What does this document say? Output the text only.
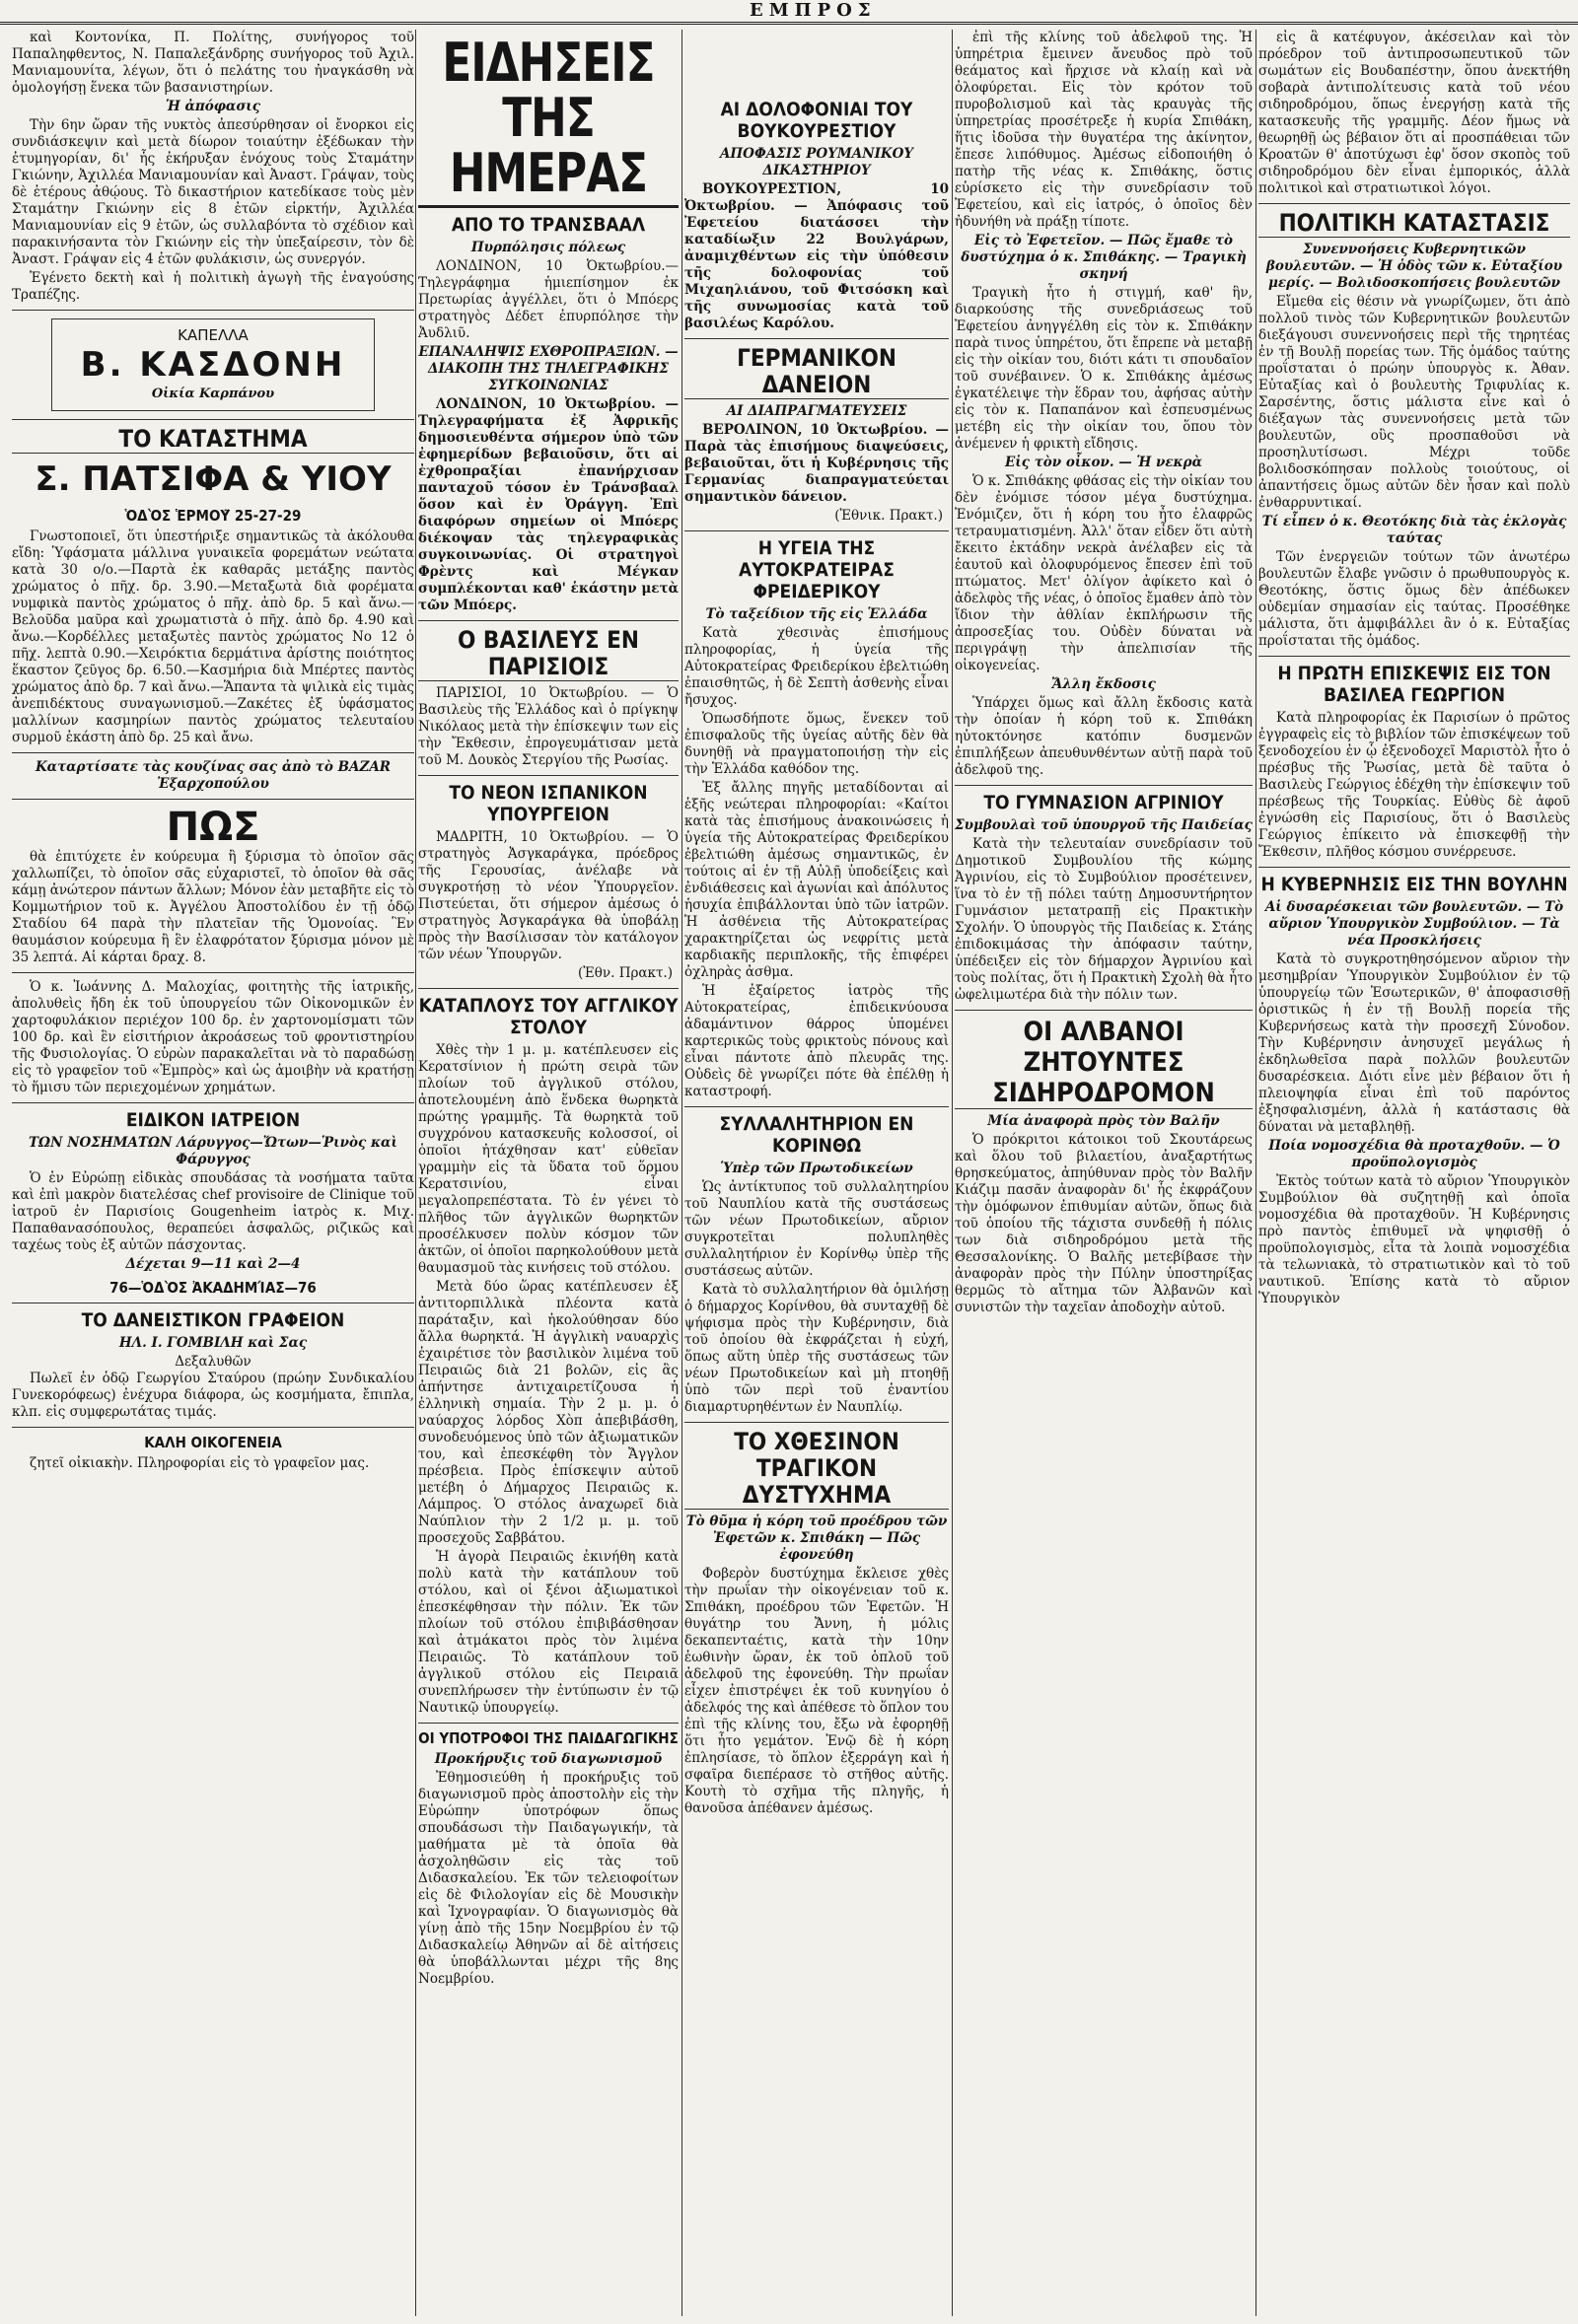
ΕΜΠΡΟΣ

καὶ Κοντονίκα, Π. Πολίτης, συνήγορος τοῦ Παπαληφθεντος, Ν. Παπαλεξάνδρης συνήγορος τοῦ Ἀχιλ. Μανιαμουνίτα, λέγων, ὅτι ὁ πελάτης του ἠναγκάσθη νὰ ὁμολογήσῃ ἕνεκα τῶν βασανιστηρίων.

Ἡ ἀπόφασις

Τὴν 6ην ὥραν τῆς νυκτὸς ἀπεσύρθησαν οἱ ἔνορκοι εἰς συνδιάσκεψιν καὶ μετὰ δίωρον τοιαύτην ἐξέδωκαν τὴν ἐτυμηγορίαν, δι' ἧς ἐκήρυξαν ἐνόχους τοὺς Σταμάτην Γκιώνην, Ἀχιλλέα Μανιαμουνίαν καὶ Ἀναστ. Γράψαν, τοὺς δὲ ἑτέρους ἀθῴους. Τὸ δικαστήριον κατεδίκασε τοὺς μὲν Σταμάτην Γκιώνην εἰς 8 ἐτῶν εἱρκτήν, Ἀχιλλέα Μανιαμουνίαν εἰς 9 ἐτῶν, ὡς συλλαβόντα τὸ σχέδιον καὶ παρακινήσαντα τὸν Γκιώνην εἰς τὴν ὑπεξαίρεσιν, τὸν δὲ Ἀναστ. Γράψαν εἰς 4 ἐτῶν φυλάκισιν, ὡς συνεργόν.

Ἐγένετο δεκτὴ καὶ ἡ πολιτικὴ ἀγωγὴ τῆς ἐναγούσης Τραπέζης.

ΚΑΠΕΛΛΑ
Β. ΚΑΣΔΟΝΗ
Οἰκία Καρπάνου
ΤΟ ΚΑΤΑΣΤΗΜΑ
Σ. ΠΑΤΣΙΦΑ & ΥΙΟΥ
ὉΔῸΣ ἙΡΜΟΥ͂ 25-27-29

Γνωστοποιεῖ, ὅτι ὑπεστήριξε σημαντικῶς τὰ ἀκόλουθα εἴδη: Ὑφάσματα μάλλινα γυναικεῖα φορεμάτων νεώτατα κατὰ 30 ο/ο.—Παρτὰ ἐκ καθαρᾶς μετάξης παντὸς χρώματος ὁ πῆχ. δρ. 3.90.—Μεταξωτὰ διὰ φορέματα νυμφικὰ παντὸς χρώματος ὁ πῆχ. ἀπὸ δρ. 5 καὶ ἄνω.—Βελοῦδα μαῦρα καὶ χρωματιστὰ ὁ πῆχ. ἀπὸ δρ. 4.90 καὶ ἄνω.—Κορδέλλες μεταξωτὲς παντὸς χρώματος Νο 12 ὁ πῆχ. λεπτὰ 0.90.—Χειρόκτια δερμάτινα ἀρίστης ποιότητος ἕκαστον ζεῦγος δρ. 6.50.—Κασμήρια διὰ Μπέρτες παντὸς χρώματος ἀπὸ δρ. 7 καὶ ἄνω.—Ἅπαντα τὰ ψιλικὰ εἰς τιμὰς ἀνεπιδέκτους συναγωνισμοῦ.—Ζακέτες ἐξ ὑφάσματος μαλλίνων κασμηρίων παντὸς χρώματος τελευταίου συρμοῦ ἑκάστη ἀπὸ δρ. 25 καὶ ἄνω.

Καταρτίσατε τὰς κουζίνας σας ἀπὸ τὸ BAZAR Ἐξαρχοπούλου
ΠΩΣ

θὰ ἐπιτύχετε ἐν κούρευμα ἢ ξύρισμα τὸ ὁποῖον σᾶς χαλλωπίζει, τὸ ὁποῖον σᾶς εὐχαριστεῖ, τὸ ὁποῖον θὰ σᾶς κάμῃ ἀνώτερον πάντων ἄλλων; Μόνον ἐὰν μεταβῆτε εἰς τὸ Κομμωτήριον τοῦ κ. Ἀγγέλου Ἀποστολίδου ἐν τῇ ὁδῷ Σταδίου 64 παρὰ τὴν πλατεῖαν τῆς Ὁμονοίας. Ἓν θαυμάσιον κούρευμα ἢ ἓν ἐλαφρότατον ξύρισμα μόνον μὲ 35 λεπτά. Αἱ κάρται δραχ. 8.

Ὁ κ. Ἰωάννης Δ. Μαλοχίας, φοιτητὴς τῆς ἰατρικῆς, ἀπολυθεὶς ἤδη ἐκ τοῦ ὑπουργείου τῶν Οἰκονομικῶν ἐν χαρτοφυλάκιον περιέχον 100 δρ. ἐν χαρτονομίσματι τῶν 100 δρ. καὶ ἓν εἰσιτήριον ἀκροάσεως τοῦ φροντιστηρίου τῆς Φυσιολογίας. Ὁ εὑρὼν παρακαλεῖται νὰ τὸ παραδώσῃ εἰς τὸ γραφεῖον τοῦ «Ἐμπρὸς» καὶ ὡς ἀμοιβὴν νὰ κρατήσῃ τὸ ἥμισυ τῶν περιεχομένων χρημάτων.

ΕΙΔΙΚΟΝ ΙΑΤΡΕΙΟΝ
ΤΩΝ ΝΟΣΗΜΑΤΩΝ Λάρυγγος—Ὤτων—Ῥινὸς καὶ Φάρυγγος

Ὁ ἐν Εὐρώπῃ εἰδικὰς σπουδάσας τὰ νοσήματα ταῦτα καὶ ἐπὶ μακρὸν διατελέσας chef provisoire de Clinique τοῦ ἰατροῦ ἐν Παρισίοις Gougenheim ἰατρὸς κ. Μιχ. Παπαθανασόπουλος, θεραπεύει ἀσφαλῶς, ριζικῶς καὶ ταχέως τοὺς ἐξ αὐτῶν πάσχοντας.

Δέχεται 9—11 καὶ 2—4
76—ὉΔῸΣ ἈΚΑΔΗΜΊΑΣ—76
ΤΟ ΔΑΝΕΙΣΤΙΚΟΝ ΓΡΑΦΕΙΟΝ
ΗΛ. Ι. ΓΟΜΒΙΛΗ καὶ Σας
Δεξαλυθῶν

Πωλεῖ ἐν ὁδῷ Γεωργίου Σταύρου (πρώην Συνδικαλίου Γυνεκορόφεως) ἐνέχυρα διάφορα, ὡς κοσμήματα, ἔπιπλα, κλπ. εἰς συμφερωτάτας τιμάς.

ΚΑΛΗ ΟΙΚΟΓΕΝΕΙΑ

ζητεῖ οἰκιακὴν. Πληροφορίαι εἰς τὸ γραφεῖον μας.

ΕΙΔΗΣΕΙΣ ΤΗΣ ΗΜΕΡΑΣ
ΑΠΟ ΤΟ ΤΡΑΝΣΒΑΑΛ
Πυρπόλησις πόλεως

ΛΟΝΔΙΝΟΝ, 10 Ὀκτωβρίου.— Τηλεγράφημα ἡμιεπίσημον ἐκ Πρετωρίας ἀγγέλλει, ὅτι ὁ Μπόερς στρατηγὸς Δέδετ ἐπυρπόλησε τὴν Ἀυδλιῦ.

ΕΠΑΝΑΛΗΨΙΣ ΕΧΘΡΟΠΡΑΞΙΩΝ. — ΔΙΑΚΟΠΗ ΤΗΣ ΤΗΛΕΓΡΑΦΙΚΗΣ ΣΥΓΚΟΙΝΩΝΙΑΣ

ΛΟΝΔΙΝΟΝ, 10 Ὀκτωβρίου. — Τηλεγραφήματα ἐξ Ἀφρικῆς δημοσιευθέντα σήμερον ὑπὸ τῶν ἐφημερίδων βεβαιοῦσιν, ὅτι αἱ ἐχθροπραξίαι ἐπανήρχισαν πανταχοῦ τόσον ἐν Τράνσβααλ ὅσον καὶ ἐν Ὀράγγη. Ἐπὶ διαφόρων σημείων οἱ Μπόερς διέκοψαν τὰς τηλεγραφικὰς συγκοινωνίας. Οἱ στρατηγοὶ Φρὲντς καὶ Μέγκαν συμπλέκονται καθ' ἑκάστην μετὰ τῶν Μπόερς.

Ο ΒΑΣΙΛΕΥΣ ΕΝ ΠΑΡΙΣΙΟΙΣ

ΠΑΡΙΣΙΟΙ, 10 Ὀκτωβρίου. — Ὁ Βασιλεὺς τῆς Ἑλλάδος καὶ ὁ πρίγκηψ Νικόλαος μετὰ τὴν ἐπίσκεψιν των εἰς τὴν Ἔκθεσιν, ἐπρογευμάτισαν μετὰ τοῦ Μ. Δουκὸς Στεργίου τῆς Ρωσίας.

ΤΟ ΝΕΟΝ ΙΣΠΑΝΙΚΟΝ ΥΠΟΥΡΓΕΙΟΝ

ΜΑΔΡΙΤΗ, 10 Ὀκτωβρίου. — Ὁ στρατηγὸς Ἀσγκαράγκα, πρόεδρος τῆς Γερουσίας, ἀνέλαβε νὰ συγκροτήσῃ τὸ νέον Ὑπουργεῖον. Πιστεύεται, ὅτι σήμερον ἀμέσως ὁ στρατηγὸς Ἀσγκαράγκα θὰ ὑποβάλῃ πρὸς τὴν Βασίλισσαν τὸν κατάλογον τῶν νέων Ὑπουργῶν.

(Ἐθν. Πρακτ.)
ΚΑΤΑΠΛΟΥΣ ΤΟΥ ΑΓΓΛΙΚΟΥ ΣΤΟΛΟΥ

Χθὲς τὴν 1 μ. μ. κατέπλευσεν εἰς Κερατσίνιον ἡ πρώτη σειρὰ τῶν πλοίων τοῦ ἀγγλικοῦ στόλου, ἀποτελουμένη ἀπὸ ἕνδεκα θωρηκτὰ πρώτης γραμμῆς. Τὰ θωρηκτὰ τοῦ συγχρόνου κατασκευῆς κολοσσοί, οἱ ὁποῖοι ἠτάχθησαν κατ' εὐθεῖαν γραμμὴν εἰς τὰ ὕδατα τοῦ ὅρμου Κερατσινίου, εἶναι μεγαλοπρεπέστατα. Τὸ ἐν γένει τὸ πλῆθος τῶν ἀγγλικῶν θωρηκτῶν προσέλκυσεν πολὺν κόσμον τῶν ἀκτῶν, οἱ ὁποῖοι παρηκολούθουν μετὰ θαυμασμοῦ τὰς κινήσεις τοῦ στόλου.

Μετὰ δύο ὥρας κατέπλευσεν ἐξ ἀντιτορπιλλικὰ πλέοντα κατὰ παράταξιν, καὶ ἠκολούθησαν δύο ἄλλα θωρηκτά. Ἡ ἀγγλικὴ ναυαρχὶς ἐχαιρέτισε τὸν βασιλικὸν λιμένα τοῦ Πειραιῶς διὰ 21 βολῶν, εἰς ἃς ἀπήντησε ἀντιχαιρετίζουσα ἡ ἑλληνικὴ σημαία. Τὴν 2 μ. μ. ὁ ναύαρχος λόρδος Χὸπ ἀπεβιβάσθη, συνοδευόμενος ὑπὸ τῶν ἀξιωματικῶν του, καὶ ἐπεσκέφθη τὸν Ἄγγλον πρέσβεια. Πρὸς ἐπίσκεψιν αὐτοῦ μετέβη ὁ Δήμαρχος Πειραιῶς κ. Λάμπρος. Ὁ στόλος ἀναχωρεῖ διὰ Ναύπλιον τὴν 2 1/2 μ. μ. τοῦ προσεχοῦς Σαββάτου.

Ἡ ἀγορὰ Πειραιῶς ἐκινήθη κατὰ πολὺ κατὰ τὴν κατάπλουν τοῦ στόλου, καὶ οἱ ξένοι ἀξιωματικοὶ ἐπεσκέφθησαν τὴν πόλιν. Ἐκ τῶν πλοίων τοῦ στόλου ἐπιβιβάσθησαν καὶ ἀτμάκατοι πρὸς τὸν λιμένα Πειραιῶς. Τὸ κατάπλουν τοῦ ἀγγλικοῦ στόλου εἰς Πειραιᾶ συνεπλήρωσεν τὴν ἐντύπωσιν ἐν τῷ Ναυτικῷ ὑπουργείῳ.

ΟΙ ΥΠΟΤΡΟΦΟΙ ΤΗΣ ΠΑΙΔΑΓΩΓΙΚΗΣ
Προκήρυξις τοῦ διαγωνισμοῦ

Ἐθημοσιεύθη ἡ προκήρυξις τοῦ διαγωνισμοῦ πρὸς ἀποστολὴν εἰς τὴν Εὐρώπην ὑποτρόφων ὅπως σπουδάσωσι τὴν Παιδαγωγικήν, τὰ μαθήματα μὲ τὰ ὁποῖα θὰ ἀσχοληθῶσιν εἰς τὰς τοῦ Διδασκαλείου. Ἐκ τῶν τελειοφοίτων εἰς δὲ Φιλολογίαν εἰς δὲ Μουσικὴν καὶ Ἰχνογραφίαν. Ὁ διαγωνισμὸς θὰ γίνῃ ἀπὸ τῆς 15ην Νοεμβρίου ἐν τῷ Διδασκαλείῳ Ἀθηνῶν αἱ δὲ αἰτήσεις θὰ ὑποβάλλωνται μέχρι τῆς 8ης Νοεμβρίου.

ΑΙ ΔΟΛΟΦΟΝΙΑΙ ΤΟΥ ΒΟΥΚΟΥΡΕΣΤΙΟΥ
ΑΠΟΦΑΣΙΣ ΡΟΥΜΑΝΙΚΟΥ ΔΙΚΑΣΤΗΡΙΟΥ

ΒΟΥΚΟΥΡΕΣΤΙΟΝ, 10 Ὀκτωβρίου. — Ἀπόφασις τοῦ Ἐφετείου διατάσσει τὴν καταδίωξιν 22 Βουλγάρων, ἀναμιχθέντων εἰς τὴν ὑπόθεσιν τῆς δολοφονίας τοῦ Μιχαηλιάνου, τοῦ Φιτσόσκη καὶ τῆς συνωμοσίας κατὰ τοῦ βασιλέως Καρόλου.

ΓΕΡΜΑΝΙΚΟΝ ΔΑΝΕΙΟΝ
ΑΙ ΔΙΑΠΡΑΓΜΑΤΕΥΣΕΙΣ

ΒΕΡΟΛΙΝΟΝ, 10 Ὀκτωβρίου. — Παρὰ τὰς ἐπισήμους διαψεύσεις, βεβαιοῦται, ὅτι ἡ Κυβέρνησις τῆς Γερμανίας διαπραγματεύεται σημαντικὸν δάνειον.

(Ἐθνικ. Πρακτ.)
Η ΥΓΕΙΑ ΤΗΣ ΑΥΤΟΚΡΑΤΕΙΡΑΣ ΦΡΕΙΔΕΡΙΚΟΥ
Τὸ ταξείδιον τῆς εἰς Ἑλλάδα

Κατὰ χθεσινὰς ἐπισήμους πληροφορίας, ἡ ὑγεία τῆς Αὐτοκρατείρας Φρειδερίκου ἐβελτιώθη ἐπαισθητῶς, ἡ δὲ Σεπτὴ ἀσθενὴς εἶναι ἤσυχος.

Ὁπωσδήποτε ὅμως, ἕνεκεν τοῦ ἐπισφαλοῦς τῆς ὑγείας αὐτῆς δὲν θὰ δυνηθῇ νὰ πραγματοποιήσῃ τὴν εἰς τὴν Ἑλλάδα καθόδον της.

Ἐξ ἄλλης πηγῆς μεταδίδονται αἱ ἑξῆς νεώτεραι πληροφορίαι: «Καίτοι κατὰ τὰς ἐπισήμους ἀνακοινώσεις ἡ ὑγεία τῆς Αὐτοκρατείρας Φρειδερίκου ἐβελτιώθη ἀμέσως σημαντικῶς, ἐν τούτοις αἱ ἐν τῇ Αὐλῇ ὑποδείξεις καὶ ἐνδιάθεσεις καὶ ἀγωνίαι καὶ ἀπόλυτος ἡσυχία ἐπιβάλλονται ὑπὸ τῶν ἰατρῶν. Ἡ ἀσθένεια τῆς Αὐτοκρατείρας χαρακτηρίζεται ὡς νεφρίτις μετὰ καρδιακῆς περιπλοκῆς, τῆς ἐπιφέρει ὀχληρὰς ἀσθμα.

Ἡ ἐξαίρετος ἰατρὸς τῆς Αὐτοκρατείρας, ἐπιδεικνύουσα ἀδαμάντινον θάρρος ὑπομένει καρτερικῶς τοὺς φρικτοὺς πόνους καὶ εἶναι πάντοτε ἀπὸ πλευρᾶς της. Οὐδεὶς δὲ γνωρίζει πότε θὰ ἐπέλθῃ ἡ καταστροφή.

ΣΥΛΛΑΛΗΤΗΡΙΟΝ ΕΝ ΚΟΡΙΝΘΩ
Ὑπὲρ τῶν Πρωτοδικείων

Ὡς ἀντίκτυπος τοῦ συλλαλητηρίου τοῦ Ναυπλίου κατὰ τῆς συστάσεως τῶν νέων Πρωτοδικείων, αὔριον συγκροτεῖται πολυπληθὲς συλλαλητήριον ἐν Κορίνθῳ ὑπὲρ τῆς συστάσεως αὐτῶν.

Κατὰ τὸ συλλαλητήριον θὰ ὁμιλήσῃ ὁ δήμαρχος Κορίνθου, θὰ συνταχθῇ δὲ ψήφισμα πρὸς τὴν Κυβέρνησιν, διὰ τοῦ ὁποίου θὰ ἐκφράζεται ἡ εὐχή, ὅπως αὕτη ὑπὲρ τῆς συστάσεως τῶν νέων Πρωτοδικείων καὶ μὴ πτοηθῇ ὑπὸ τῶν περὶ τοῦ ἐναντίου διαμαρτυρηθέντων ἐν Ναυπλίῳ.

ΤΟ ΧΘΕΣΙΝΟΝ ΤΡΑΓΙΚΟΝ ΔΥΣΤΥΧΗΜΑ
Τὸ θῦμα ἡ κόρη τοῦ προέδρου τῶν Ἐφετῶν κ. Σπιθάκη — Πῶς ἐφονεύθη

Φοβερὸν δυστύχημα ἔκλεισε χθὲς τὴν πρωΐαν τὴν οἰκογένειαν τοῦ κ. Σπιθάκη, προέδρου τῶν Ἐφετῶν. Ἡ θυγάτηρ του Ἄννη, ἡ μόλις δεκαπενταέτις, κατὰ τὴν 10ην ἑωθινὴν ὥραν, ἐκ τοῦ ὁπλοῦ τοῦ ἀδελφοῦ της ἐφονεύθη. Τὴν πρωΐαν εἶχεν ἐπιστρέψει ἐκ τοῦ κυνηγίου ὁ ἀδελφός της καὶ ἀπέθεσε τὸ ὅπλον του ἐπὶ τῆς κλίνης του, ἔξω νὰ ἐφορηθῇ ὅτι ἦτο γεμάτον. Ἐνῷ δὲ ἡ κόρη ἐπλησίασε, τὸ ὅπλον ἐξερράγη καὶ ἡ σφαῖρα διεπέρασε τὸ στῆθος αὐτῆς. Κουτὴ τὸ σχῆμα τῆς πληγῆς, ἡ θανοῦσα ἀπέθανεν ἀμέσως.

ἐπὶ τῆς κλίνης τοῦ ἀδελφοῦ της. Ἡ ὑπηρέτρια ἔμεινεν ἄνευδος πρὸ τοῦ θεάματος καὶ ἤρχισε νὰ κλαίῃ καὶ νὰ ὀλοφύρεται. Εἰς τὸν κρότον τοῦ πυροβολισμοῦ καὶ τὰς κραυγὰς τῆς ὑπηρετρίας προσέτρεξε ἡ κυρία Σπιθάκη, ἥτις ἰδοῦσα τὴν θυγατέρα της ἀκίνητον, ἔπεσε λιπόθυμος. Ἀμέσως εἰδοποιήθη ὁ πατὴρ τῆς νέας κ. Σπιθάκης, ὅστις εὑρίσκετο εἰς τὴν συνεδρίασιν τοῦ Ἐφετείου, καὶ εἰς ἰατρός, ὁ ὁποῖος δὲν ἠδυνήθη νὰ πράξῃ τίποτε.

Εἰς τὸ Ἐφετεῖον. — Πῶς ἔμαθε τὸ δυστύχημα ὁ κ. Σπιθάκης. — Τραγικὴ σκηνή

Τραγικὴ ἦτο ἡ στιγμή, καθ' ἣν, διαρκούσης τῆς συνεδριάσεως τοῦ Ἐφετείου ἀνηγγέλθη εἰς τὸν κ. Σπιθάκην παρὰ τινος ὑπηρέτου, ὅτι ἔπρεπε νὰ μεταβῇ εἰς τὴν οἰκίαν του, διότι κάτι τι σπουδαῖον τοῦ συνέβαινεν. Ὁ κ. Σπιθάκης ἀμέσως ἐγκατέλειψε τὴν ἕδραν του, ἀφήσας αὐτὴν εἰς τὸν κ. Παπαπάνον καὶ ἐσπευσμένως μετέβη εἰς τὴν οἰκίαν του, ὅπου τὸν ἀνέμενεν ἡ φρικτὴ εἴδησις.

Εἰς τὸν οἶκον. — Ἡ νεκρὰ

Ὁ κ. Σπιθάκης φθάσας εἰς τὴν οἰκίαν του δὲν ἐνόμισε τόσον μέγα δυστύχημα. Ἐνόμιζεν, ὅτι ἡ κόρη του ἦτο ἐλαφρῶς τετραυματισμένη. Ἀλλ' ὅταν εἶδεν ὅτι αὐτὴ ἔκειτο ἐκτάδην νεκρὰ ἀνέλαβεν εἰς τὰ ἑαυτοῦ καὶ ὀλοφυρόμενος ἔπεσεν ἐπὶ τοῦ πτώματος. Μετ' ὀλίγον ἀφίκετο καὶ ὁ ἀδελφὸς τῆς νέας, ὁ ὁποῖος ἔμαθεν ἀπὸ τὸν ἴδιον τὴν ἀθλίαν ἐκπλήρωσιν τῆς ἀπροσεξίας του. Οὐδὲν δύναται νὰ περιγράψῃ τὴν ἀπελπισίαν τῆς οἰκογενείας.

Ἄλλη ἔκδοσις

Ὑπάρχει ὅμως καὶ ἄλλη ἔκδοσις κατὰ τὴν ὁποίαν ἡ κόρη τοῦ κ. Σπιθάκη ηὐτοκτόνησε κατόπιν δυσμενῶν ἐπιπλήξεων ἀπευθυνθέντων αὐτῇ παρὰ τοῦ ἀδελφοῦ της.

ΤΟ ΓΥΜΝΑΣΙΟΝ ΑΓΡΙΝΙΟΥ
Συμβουλαὶ τοῦ ὑπουργοῦ τῆς Παιδείας

Κατὰ τὴν τελευταίαν συνεδρίασιν τοῦ Δημοτικοῦ Συμβουλίου τῆς κώμης Ἀγρινίου, εἰς τὸ Συμβούλιον προσέτεινεν, ἵνα τὸ ἐν τῇ πόλει ταύτῃ Δημοσυντήρητον Γυμνάσιον μετατραπῇ εἰς Πρακτικὴν Σχολήν. Ὁ ὑπουργὸς τῆς Παιδείας κ. Στάης ἐπιδοκιμάσας τὴν ἀπόφασιν ταύτην, ὑπέδειξεν εἰς τὸν δήμαρχον Ἀγρινίου καὶ τοὺς πολίτας, ὅτι ἡ Πρακτικὴ Σχολὴ θὰ ἦτο ὠφελιμωτέρα διὰ τὴν πόλιν των.

ΟΙ ΑΛΒΑΝΟΙ ΖΗΤΟΥΝΤΕΣ ΣΙΔΗΡΟΔΡΟΜΟΝ
Μία ἀναφορὰ πρὸς τὸν Βαλῆν

Ὁ πρόκριτοι κάτοικοι τοῦ Σκουτάρεως καὶ ὅλου τοῦ βιλαετίου, ἀναξαρτήτως θρησκεύματος, ἀπηύθυναν πρὸς τὸν Βαλῆν Κιάζιμ πασᾶν ἀναφορὰν δι' ἧς ἐκφράζουν τὴν ὁμόφωνον ἐπιθυμίαν αὐτῶν, ὅπως διὰ τοῦ ὁποίου τῆς τάχιστα συνδεθῇ ἡ πόλις των διὰ σιδηροδρόμου μετὰ τῆς Θεσσαλονίκης. Ὁ Βαλῆς μετεβίβασε τὴν ἀναφορὰν πρὸς τὴν Πύλην ὑποστηρίξας θερμῶς τὸ αἴτημα τῶν Ἀλβανῶν καὶ συνιστῶν τὴν ταχεῖαν ἀποδοχὴν αὐτοῦ.

εἰς ἃ κατέφυγον, ἀκέσειλαν καὶ τὸν πρόεδρον τοῦ ἀντιπροσωπευτικοῦ τῶν σωμάτων εἰς Βουδαπέστην, ὅπου ἀνεκτήθη σοβαρὰ ἀντιπολίτευσις κατὰ τοῦ νέου σιδηροδρόμου, ὅπως ἐνεργήσῃ κατὰ τῆς κατασκευῆς τῆς γραμμῆς. Δέον ἤμως νὰ θεωρηθῇ ὡς βέβαιον ὅτι αἱ προσπάθειαι τῶν Κροατῶν θ' ἀποτύχωσι ἐφ' ὅσον σκοπὸς τοῦ σιδηροδρόμου δὲν εἶναι ἐμπορικός, ἀλλὰ πολιτικοὶ καὶ στρατιωτικοὶ λόγοι.

ΠΟΛΙΤΙΚΗ ΚΑΤΑΣΤΑΣΙΣ
Συνεννοήσεις Κυβερνητικῶν βουλευτῶν. — Ἡ ὁδὸς τῶν κ. Εὐταξίου μερίς. — Βολιδοσκοπήσεις βουλευτῶν

Εἴμεθα εἰς θέσιν νὰ γνωρίζωμεν, ὅτι ἀπὸ πολλοῦ τινὸς τῶν Κυβερνητικῶν βουλευτῶν διεξάγουσι συνεννοήσεις περὶ τῆς τηρητέας ἐν τῇ Βουλῇ πορείας των. Τῆς ὁμάδος ταύτης προΐσταται ὁ πρώην ὑπουργὸς κ. Ἀθαν. Εὐταξίας καὶ ὁ βουλευτὴς Τριφυλίας κ. Σαρσέντης, ὅστις μάλιστα εἶνε καὶ ὁ διέξαγων τὰς συνεννοήσεις μετὰ τῶν βουλευτῶν, οὓς προσπαθοῦσι νὰ προσηλυτίσωσι. Μέχρι τοῦδε βολιδοσκόπησαν πολλοὺς τοιούτους, οἱ ἀπαντήσεις ὅμως αὐτῶν δὲν ἦσαν καὶ πολὺ ἐνθαρρυντικαί.

Τί εἶπεν ὁ κ. Θεοτόκης διὰ τὰς ἐκλογὰς ταύτας

Τῶν ἐνεργειῶν τούτων τῶν ἀνωτέρω βουλευτῶν ἔλαβε γνῶσιν ὁ πρωθυπουργὸς κ. Θεοτόκης, ὅστις ὅμως δὲν ἀπέδωκεν οὐδεμίαν σημασίαν εἰς ταύτας. Προσέθηκε μάλιστα, ὅτι ἀμφιβάλλει ἂν ὁ κ. Εὐταξίας προΐσταται τῆς ὁμάδος.

Η ΠΡΩΤΗ ΕΠΙΣΚΕΨΙΣ ΕΙΣ ΤΟΝ ΒΑΣΙΛΕΑ ΓΕΩΡΓΙΟΝ

Κατὰ πληροφορίας ἐκ Παρισίων ὁ πρῶτος ἐγγραφεὶς εἰς τὸ βιβλίον τῶν ἐπισκέψεων τοῦ ξενοδοχείου ἐν ᾧ ἐξενοδοχεῖ Μαριστὸλ ἦτο ὁ πρέσβυς τῆς Ῥωσίας, μετὰ δὲ ταῦτα ὁ Βασιλεὺς Γεώργιος ἐδέχθη τὴν ἐπίσκεψιν τοῦ πρέσβεως τῆς Τουρκίας. Εὐθὺς δὲ ἀφοῦ ἐγνώσθη εἰς Παρισίους, ὅτι ὁ Βασιλεὺς Γεώργιος ἐπίκειτο νὰ ἐπισκεφθῇ τὴν Ἔκθεσιν, πλῆθος κόσμου συνέρρευσε.

Η ΚΥΒΕΡΝΗΣΙΣ ΕΙΣ ΤΗΝ ΒΟΥΛΗΝ
Αἱ δυσαρέσκειαι τῶν βουλευτῶν. — Τὸ αὔριον Ὑπουργικὸν Συμβούλιον. — Τὰ νέα Προσκλήσεις

Κατὰ τὸ συγκροτηθησόμενον αὔριον τὴν μεσημβρίαν Ὑπουργικὸν Συμβούλιον ἐν τῷ ὑπουργείῳ τῶν Ἐσωτερικῶν, θ' ἀποφασισθῇ ὁριστικῶς ἡ ἐν τῇ Βουλῇ πορεία τῆς Κυβερνήσεως κατὰ τὴν προσεχῆ Σύνοδον. Τὴν Κυβέρνησιν ἀνησυχεῖ μεγάλως ἡ ἐκδηλωθεῖσα παρὰ πολλῶν βουλευτῶν δυσαρέσκεια. Διότι εἶνε μὲν βέβαιον ὅτι ἡ πλειοψηφία εἶναι ἐπὶ τοῦ παρόντος ἐξησφαλισμένη, ἀλλὰ ἡ κατάστασις θὰ δύναται νὰ μεταβληθῇ.

Ποία νομοσχέδια θὰ προταχθοῦν. — Ὁ προϋπολογισμὸς

Ἐκτὸς τούτων κατὰ τὸ αὔριον Ὑπουργικὸν Συμβούλιον θὰ συζητηθῇ καὶ ὁποῖα νομοσχέδια θὰ προταχθοῦν. Ἡ Κυβέρνησις πρὸ παντὸς ἐπιθυμεῖ νὰ ψηφισθῇ ὁ προϋπολογισμὸς, εἶτα τὰ λοιπὰ νομοσχέδια τὰ τελωνιακὰ, τὸ στρατιωτικὸν καὶ τὸ τοῦ ναυτικοῦ. Ἐπίσης κατὰ τὸ αὔριον Ὑπουργικὸν
